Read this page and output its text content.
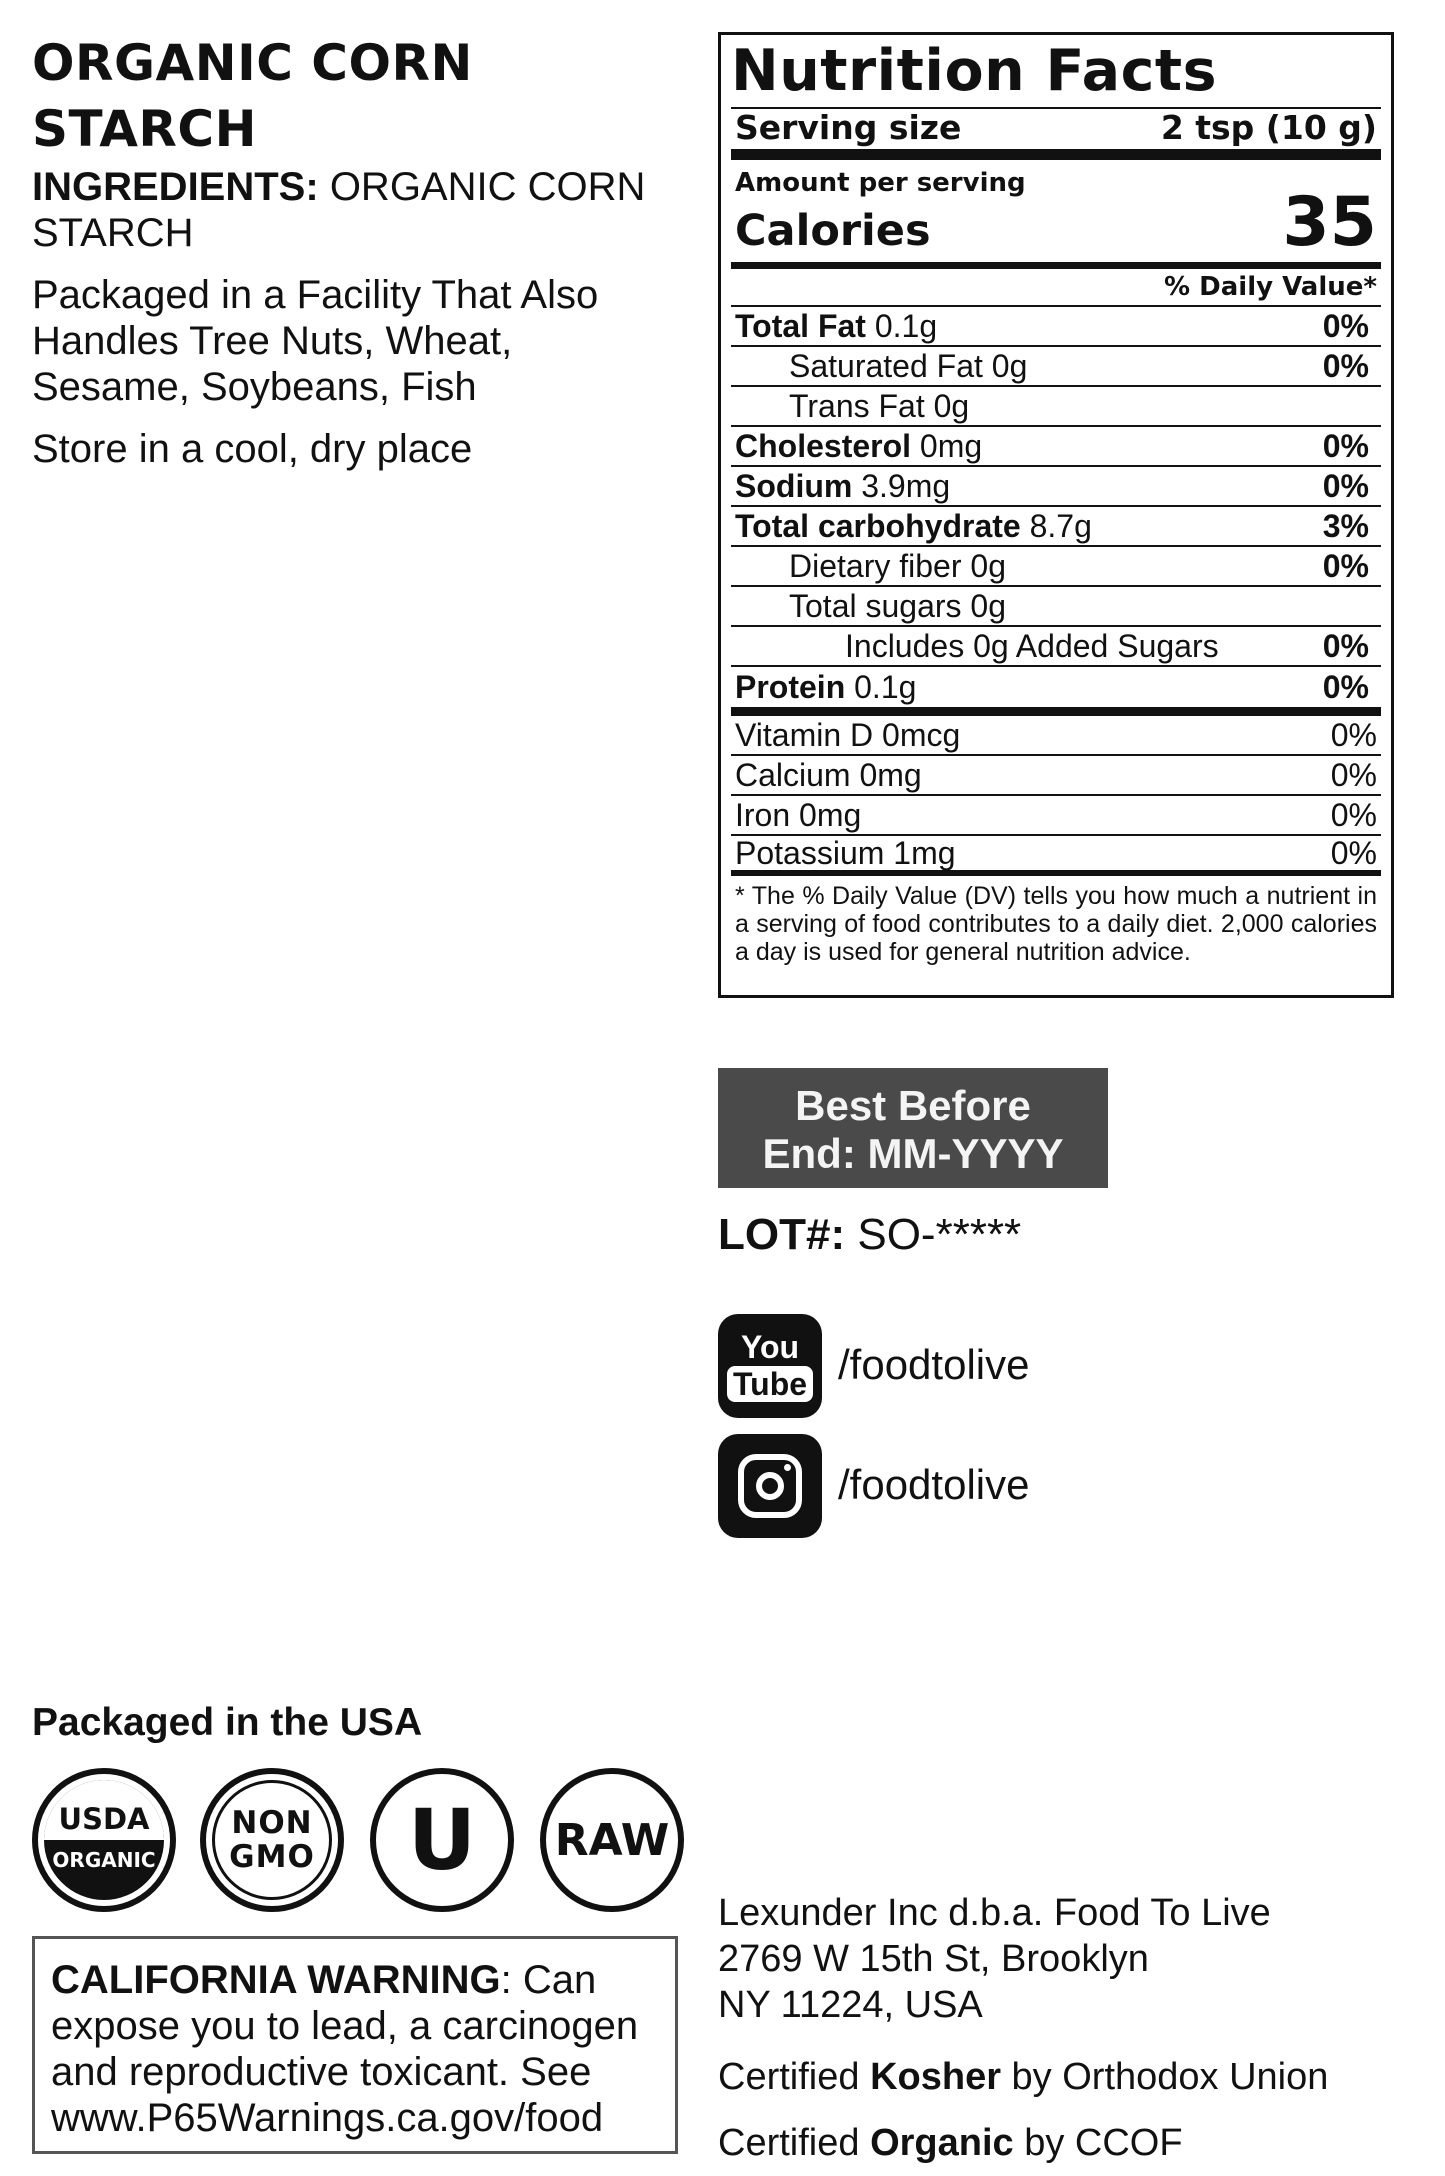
ORGANIC CORN
STARCH

INGREDIENTS: ORGANIC CORN STARCH

Packaged in a Facility That Also
Handles Tree Nuts, Wheat,
Sesame, Soybeans, Fish

Store in a cool, dry place

Packaged in the USA
USDA
ORGANIC
NON
GMO	U	RAW
CALIFORNIA WARNING: Can
expose you to lead, a carcinogen
and reproductive toxicant. See
www.P65Warnings.ca.gov/food
Nutrition Facts
Serving size	2 tsp (10 g)
Amount per serving
Calories	35
% Daily Value*
Total Fat 0.1g	0%
Saturated Fat 0g	0%
Trans Fat 0g
Cholesterol 0mg	0%
Sodium 3.9mg	0%
Total carbohydrate 8.7g	3%
Dietary fiber 0g	0%
Total sugars 0g
Includes 0g Added Sugars	0%
Protein 0.1g	0%
Vitamin D 0mcg	0%
Calcium 0mg	0%
Iron 0mg	0%
Potassium 1mg	0%
* The % Daily Value (DV) tells you how much a nutrient in a serving of food contributes to a daily diet. 2,000 calories a day is used for general nutrition advice.
Best Before
End: MM-YYYY
LOT#: SO-*****
You
Tube /foodtolive
/foodtolive

Lexunder Inc d.b.a. Food To Live
2769 W 15th St, Brooklyn
NY 11224, USA

Certified Kosher by Orthodox Union
Certified Organic by CCOF
